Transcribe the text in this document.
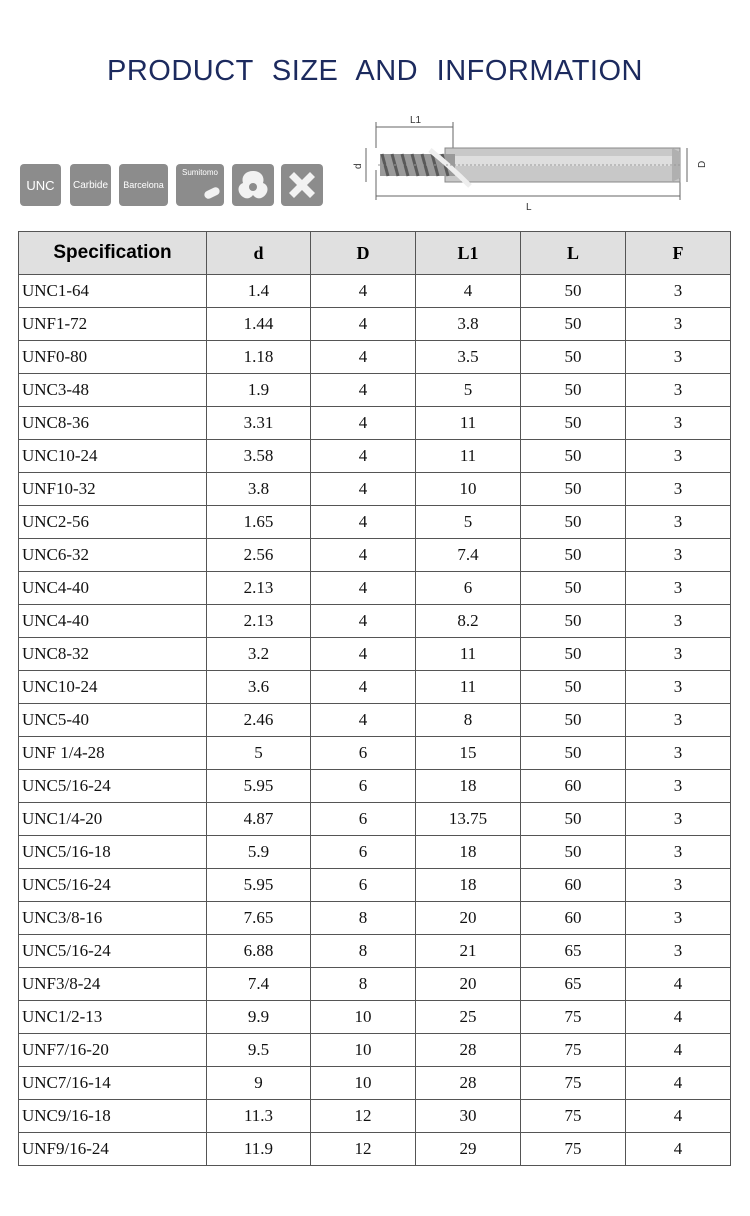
PRODUCT SIZE AND INFORMATION
UNC	Carbide	Barcelona
Sumitomo
L1
L
d	D
Specification	d	D	L1	L	F
UNC1-64	1.4	4	4	50	3
UNF1-72	1.44	4	3.8	50	3
UNF0-80	1.18	4	3.5	50	3
UNC3-48	1.9	4	5	50	3
UNC8-36	3.31	4	11	50	3
UNC10-24	3.58	4	11	50	3
UNF10-32	3.8	4	10	50	3
UNC2-56	1.65	4	5	50	3
UNC6-32	2.56	4	7.4	50	3
UNC4-40	2.13	4	6	50	3
UNC4-40	2.13	4	8.2	50	3
UNC8-32	3.2	4	11	50	3
UNC10-24	3.6	4	11	50	3
UNC5-40	2.46	4	8	50	3
UNF 1/4-28	5	6	15	50	3
UNC5/16-24	5.95	6	18	60	3
UNC1/4-20	4.87	6	13.75	50	3
UNC5/16-18	5.9	6	18	50	3
UNC5/16-24	5.95	6	18	60	3
UNC3/8-16	7.65	8	20	60	3
UNC5/16-24	6.88	8	21	65	3
UNF3/8-24	7.4	8	20	65	4
UNC1/2-13	9.9	10	25	75	4
UNF7/16-20	9.5	10	28	75	4
UNC7/16-14	9	10	28	75	4
UNC9/16-18	11.3	12	30	75	4
UNF9/16-24	11.9	12	29	75	4
